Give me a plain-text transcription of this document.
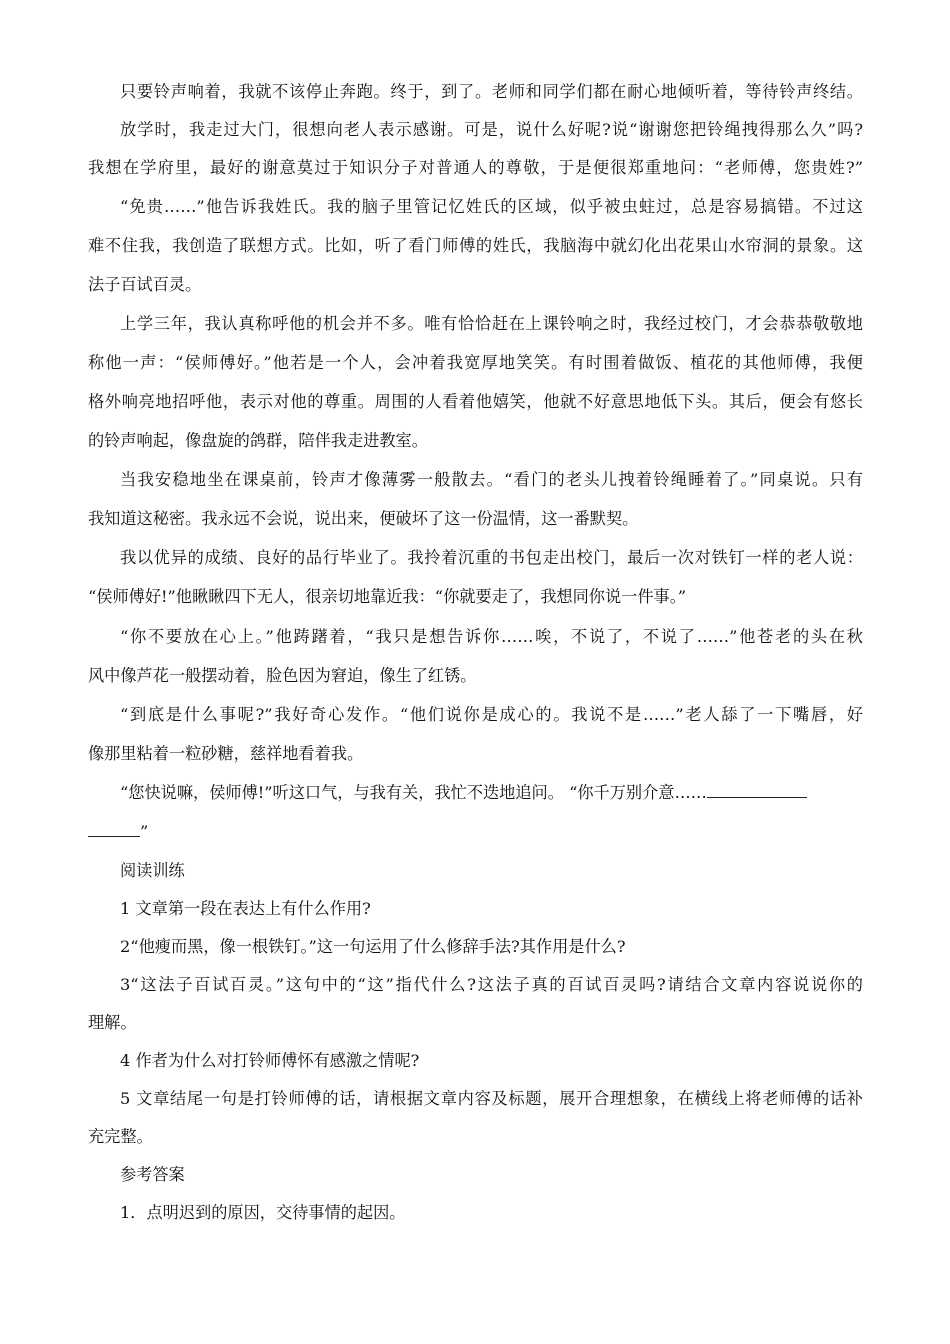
只要铃声响着，我就不该停止奔跑。终于，到了。老师和同学们都在耐心地倾听着，等待铃声终结。
放学时，我走过大门，很想向老人表示感谢。可是，说什么好呢?说“谢谢您把铃绳拽得那么久”吗?
我想在学府里，最好的谢意莫过于知识分子对普通人的尊敬，于是便很郑重地问：“老师傅，您贵姓?”
“免贵……”他告诉我姓氏。我的脑子里管记忆姓氏的区域，似乎被虫蛀过，总是容易搞错。不过这
难不住我，我创造了联想方式。比如，听了看门师傅的姓氏，我脑海中就幻化出花果山水帘洞的景象。这
法子百试百灵。
上学三年，我认真称呼他的机会并不多。唯有恰恰赶在上课铃响之时，我经过校门，才会恭恭敬敬地
称他一声：“侯师傅好。”他若是一个人，会冲着我宽厚地笑笑。有时围着做饭、植花的其他师傅，我便
格外响亮地招呼他，表示对他的尊重。周围的人看着他嬉笑，他就不好意思地低下头。其后，便会有悠长
的铃声响起，像盘旋的鸽群，陪伴我走进教室。
当我安稳地坐在课桌前，铃声才像薄雾一般散去。“看门的老头儿拽着铃绳睡着了。”同桌说。只有
我知道这秘密。我永远不会说，说出来，便破坏了这一份温情，这一番默契。
我以优异的成绩、良好的品行毕业了。我拎着沉重的书包走出校门，最后一次对铁钉一样的老人说：
“侯师傅好!”他瞅瞅四下无人，很亲切地靠近我：“你就要走了，我想同你说一件事。”
“你不要放在心上。”他踌躇着，“我只是想告诉你……唉，不说了，不说了……”他苍老的头在秋
风中像芦花一般摆动着，脸色因为窘迫，像生了红锈。
“到底是什么事呢?”我好奇心发作。“他们说你是成心的。我说不是……”老人舔了一下嘴唇，好
像那里粘着一粒砂糖，慈祥地看着我。
“您快说嘛，侯师傅!”听这口气，与我有关，我忙不迭地追问。 “你千万别介意……
”
阅读训练
1 文章第一段在表达上有什么作用?
2“他瘦而黑，像一根铁钉。”这一句运用了什么修辞手法?其作用是什么?
3“这法子百试百灵。”这句中的“这”指代什么?这法子真的百试百灵吗?请结合文章内容说说你的
理解。
4 作者为什么对打铃师傅怀有感激之情呢?
5 文章结尾一句是打铃师傅的话，请根据文章内容及标题，展开合理想象，在横线上将老师傅的话补
充完整。
参考答案
1．点明迟到的原因，交待事情的起因。
